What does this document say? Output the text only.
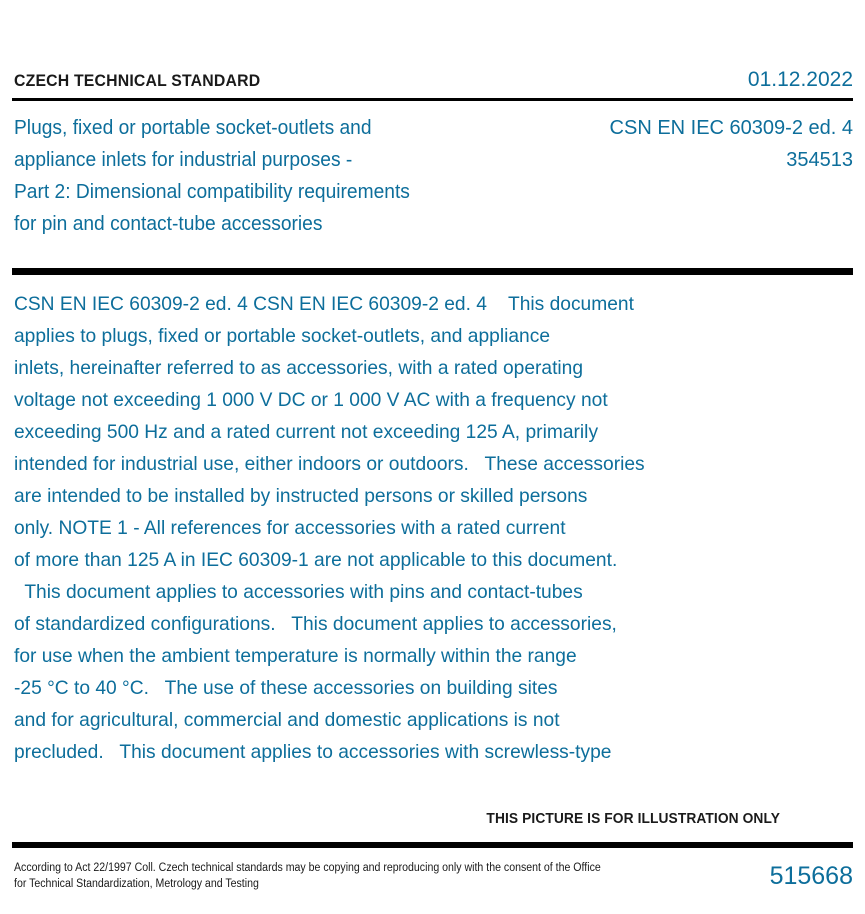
CZECH TECHNICAL STANDARD	01.12.2022
Plugs, fixed or portable socket-outlets and
appliance inlets for industrial purposes -
Part 2: Dimensional compatibility requirements
for pin and contact-tube accessories
CSN EN IEC 60309-2 ed. 4
354513
CSN EN IEC 60309-2 ed. 4 CSN EN IEC 60309-2 ed. 4    This document
applies to plugs, fixed or portable socket-outlets, and appliance
inlets, hereinafter referred to as accessories, with a rated operating
voltage not exceeding 1 000 V DC or 1 000 V AC with a frequency not
exceeding 500 Hz and a rated current not exceeding 125 A, primarily
intended for industrial use, either indoors or outdoors.   These accessories
are intended to be installed by instructed persons or skilled persons
only. NOTE 1 - All references for accessories with a rated current
of more than 125 A in IEC 60309-1 are not applicable to this document.
This document applies to accessories with pins and contact-tubes
of standardized configurations.   This document applies to accessories,
for use when the ambient temperature is normally within the range
-25 °C to 40 °C.   The use of these accessories on building sites
and for agricultural, commercial and domestic applications is not
precluded.   This document applies to accessories with screwless-type
THIS PICTURE IS FOR ILLUSTRATION ONLY
According to Act 22/1997 Coll. Czech technical standards may be copying and reproducing only with the consent of the Office
for Technical Standardization, Metrology and Testing	515668
